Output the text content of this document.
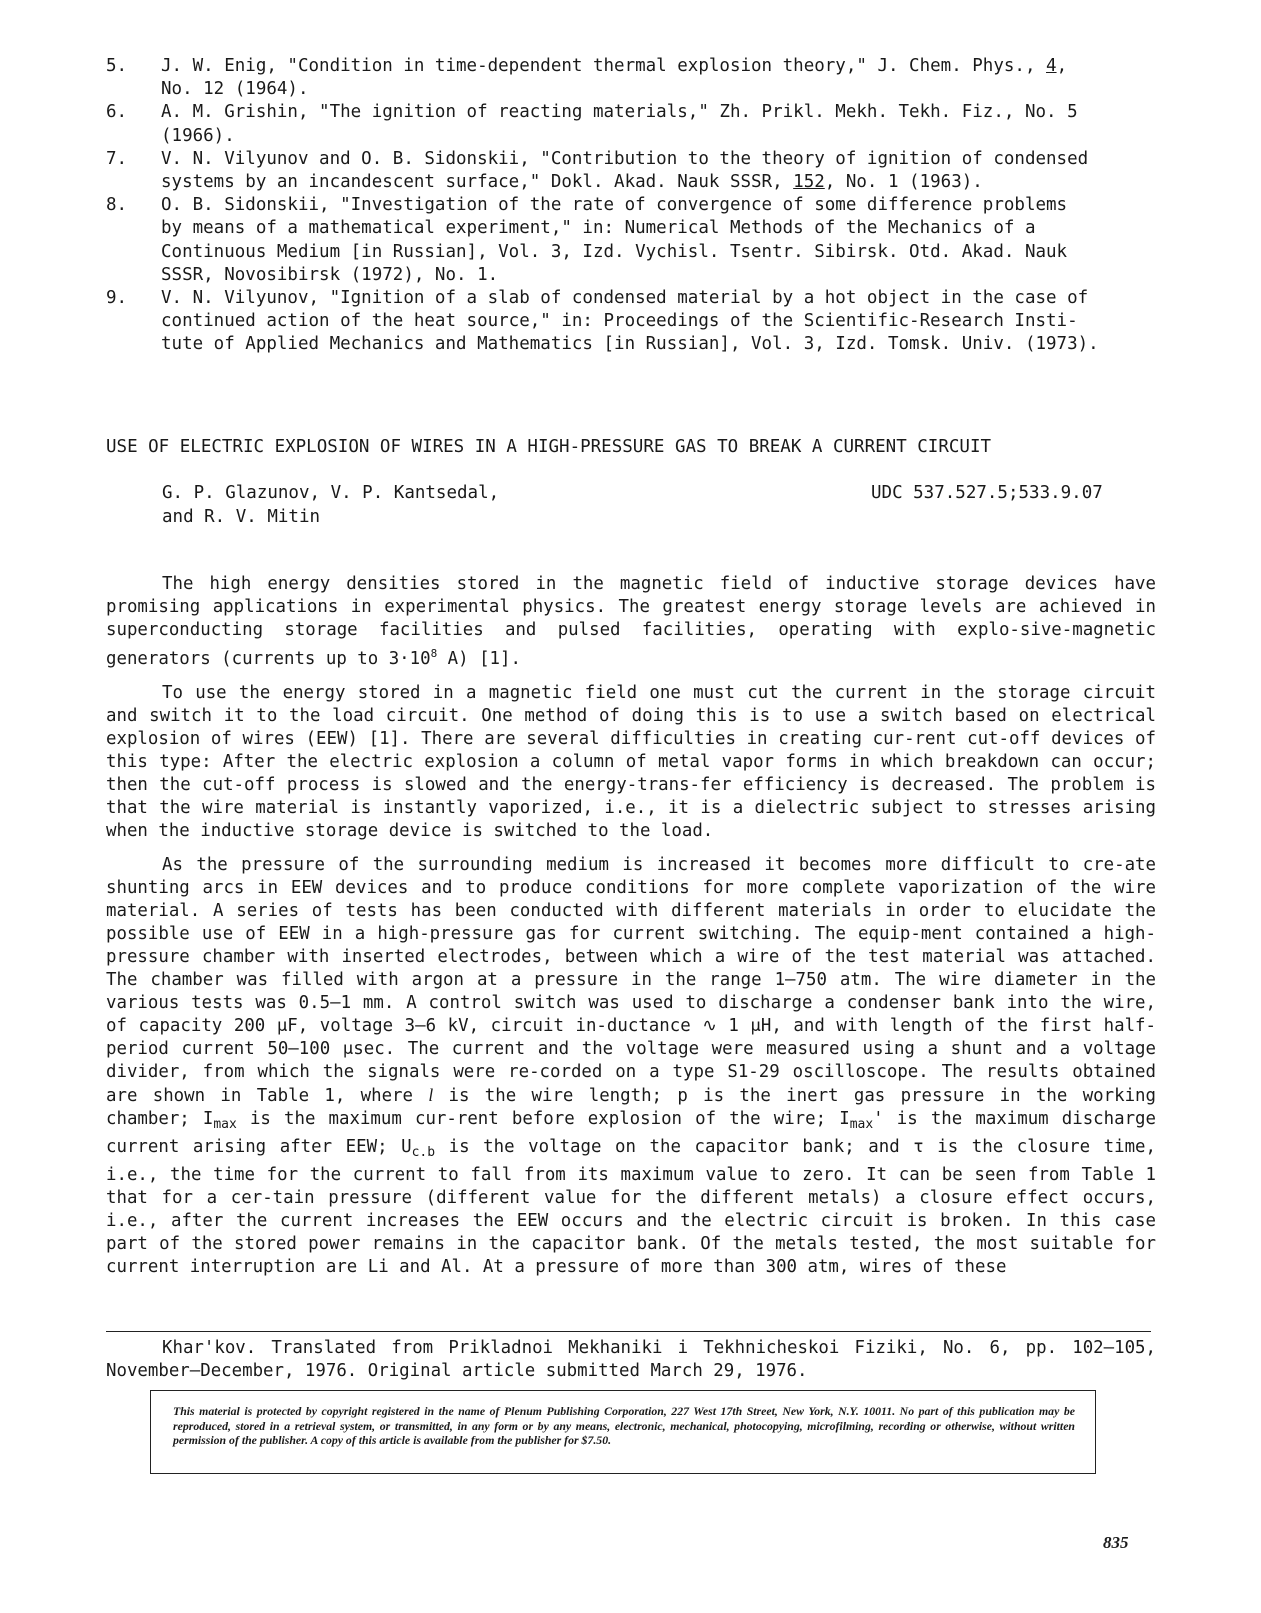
5. J. W. Enig, "Condition in time-dependent thermal explosion theory," J. Chem. Phys., 4,
No. 12 (1964).
6. A. M. Grishin, "The ignition of reacting materials," Zh. Prikl. Mekh. Tekh. Fiz., No. 5
(1966).
7. V. N. Vilyunov and O. B. Sidonskii, "Contribution to the theory of ignition of condensed
systems by an incandescent surface," Dokl. Akad. Nauk SSSR, 152, No. 1 (1963).
8. O. B. Sidonskii, "Investigation of the rate of convergence of some difference problems
by means of a mathematical experiment," in: Numerical Methods of the Mechanics of a
Continuous Medium [in Russian], Vol. 3, Izd. Vychisl. Tsentr. Sibirsk. Otd. Akad. Nauk
SSSR, Novosibirsk (1972), No. 1.
9. V. N. Vilyunov, "Ignition of a slab of condensed material by a hot object in the case of
continued action of the heat source," in: Proceedings of the Scientific-Research Insti-
tute of Applied Mechanics and Mathematics [in Russian], Vol. 3, Izd. Tomsk. Univ. (1973).
USE OF ELECTRIC EXPLOSION OF WIRES IN A HIGH-PRESSURE GAS TO BREAK A CURRENT CIRCUIT
G. P. Glazunov, V. P. Kantsedal,
and R. V. Mitin
UDC 537.527.5;533.9.07

The high energy densities stored in the magnetic field of inductive storage devices have promising applications in experimental physics. The greatest energy storage levels are achieved in superconducting storage facilities and pulsed facilities, operating with explo-sive-magnetic generators (currents up to $3\cdot 10^8$ A) [1].

To use the energy stored in a magnetic field one must cut the current in the storage circuit and switch it to the load circuit. One method of doing this is to use a switch based on electrical explosion of wires (EEW) [1]. There are several difficulties in creating cur-rent cut-off devices of this type: After the electric explosion a column of metal vapor forms in which breakdown can occur; then the cut-off process is slowed and the energy-trans-fer efficiency is decreased. The problem is that the wire material is instantly vaporized, i.e., it is a dielectric subject to stresses arising when the inductive storage device is switched to the load.

As the pressure of the surrounding medium is increased it becomes more difficult to cre-ate shunting arcs in EEW devices and to produce conditions for more complete vaporization of the wire material. A series of tests has been conducted with different materials in order to elucidate the possible use of EEW in a high-pressure gas for current switching. The equip-ment contained a high-pressure chamber with inserted electrodes, between which a wire of the test material was attached. The chamber was filled with argon at a pressure in the range 1–750 atm. The wire diameter in the various tests was 0.5–1 mm. A control switch was used to discharge a condenser bank into the wire, of capacity 200 μF, voltage 3–6 kV, circuit in-ductance ∿ 1 μH, and with length of the first half-period current 50–100 μsec. The current and the voltage were measured using a shunt and a voltage divider, from which the signals were re-corded on a type S1-29 oscilloscope. The results obtained are shown in Table 1, where l is the wire length; p is the inert gas pressure in the working chamber; $I_{max}$ is the maximum cur-rent before explosion of the wire; $I_{max}'$ is the maximum discharge current arising after EEW; $U_{c.b}$ is the voltage on the capacitor bank; and τ is the closure time, i.e., the time for the current to fall from its maximum value to zero. It can be seen from Table 1 that for a cer-tain pressure (different value for the different metals) a closure effect occurs, i.e., after the current increases the EEW occurs and the electric circuit is broken. In this case part of the stored power remains in the capacitor bank. Of the metals tested, the most suitable for current interruption are Li and Al. At a pressure of more than 300 atm, wires of these

Khar'kov. Translated from Prikladnoi Mekhaniki i Tekhnicheskoi Fiziki, No. 6, pp. 102–105, November–December, 1976. Original article submitted March 29, 1976.

This material is protected by copyright registered in the name of Plenum Publishing Corporation, 227 West 17th Street, New York, N.Y. 10011. No part of this publication may be reproduced, stored in a retrieval system, or transmitted, in any form or by any means, electronic, mechanical, photocopying, microfilming, recording or otherwise, without written permission of the publisher. A copy of this article is available from the publisher for $7.50.

835
